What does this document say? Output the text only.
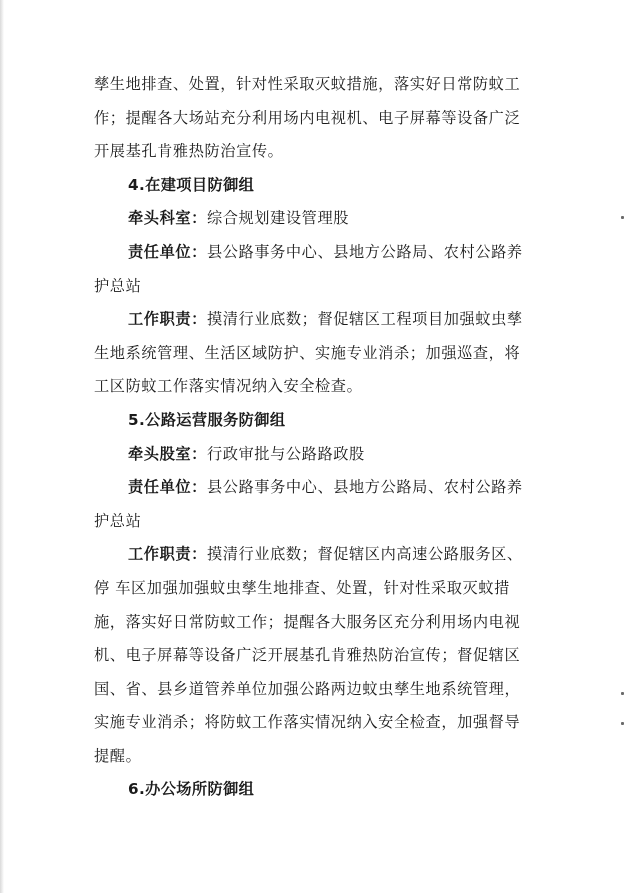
孳生地排查、处置，针对性采取灭蚊措施，落实好日常防蚊工
作；提醒各大场站充分利用场内电视机、电子屏幕等设备广泛
开展基孔肯雅热防治宣传。
4.在建项目防御组
牵头科室：综合规划建设管理股
责任单位：县公路事务中心、县地方公路局、农村公路养
护总站
工作职责：摸清行业底数；督促辖区工程项目加强蚊虫孳
生地系统管理、生活区域防护、实施专业消杀；加强巡查，将
工区防蚊工作落实情况纳入安全检查。
5.公路运营服务防御组
牵头股室：行政审批与公路路政股
责任单位：县公路事务中心、县地方公路局、农村公路养
护总站
工作职责：摸清行业底数；督促辖区内高速公路服务区、
停 车区加强加强蚊虫孳生地排查、处置，针对性采取灭蚊措
施，落实好日常防蚊工作；提醒各大服务区充分利用场内电视
机、电子屏幕等设备广泛开展基孔肯雅热防治宣传；督促辖区
国、省、县乡道管养单位加强公路两边蚊虫孳生地系统管理，
实施专业消杀；将防蚊工作落实情况纳入安全检查，加强督导
提醒。
6.办公场所防御组
